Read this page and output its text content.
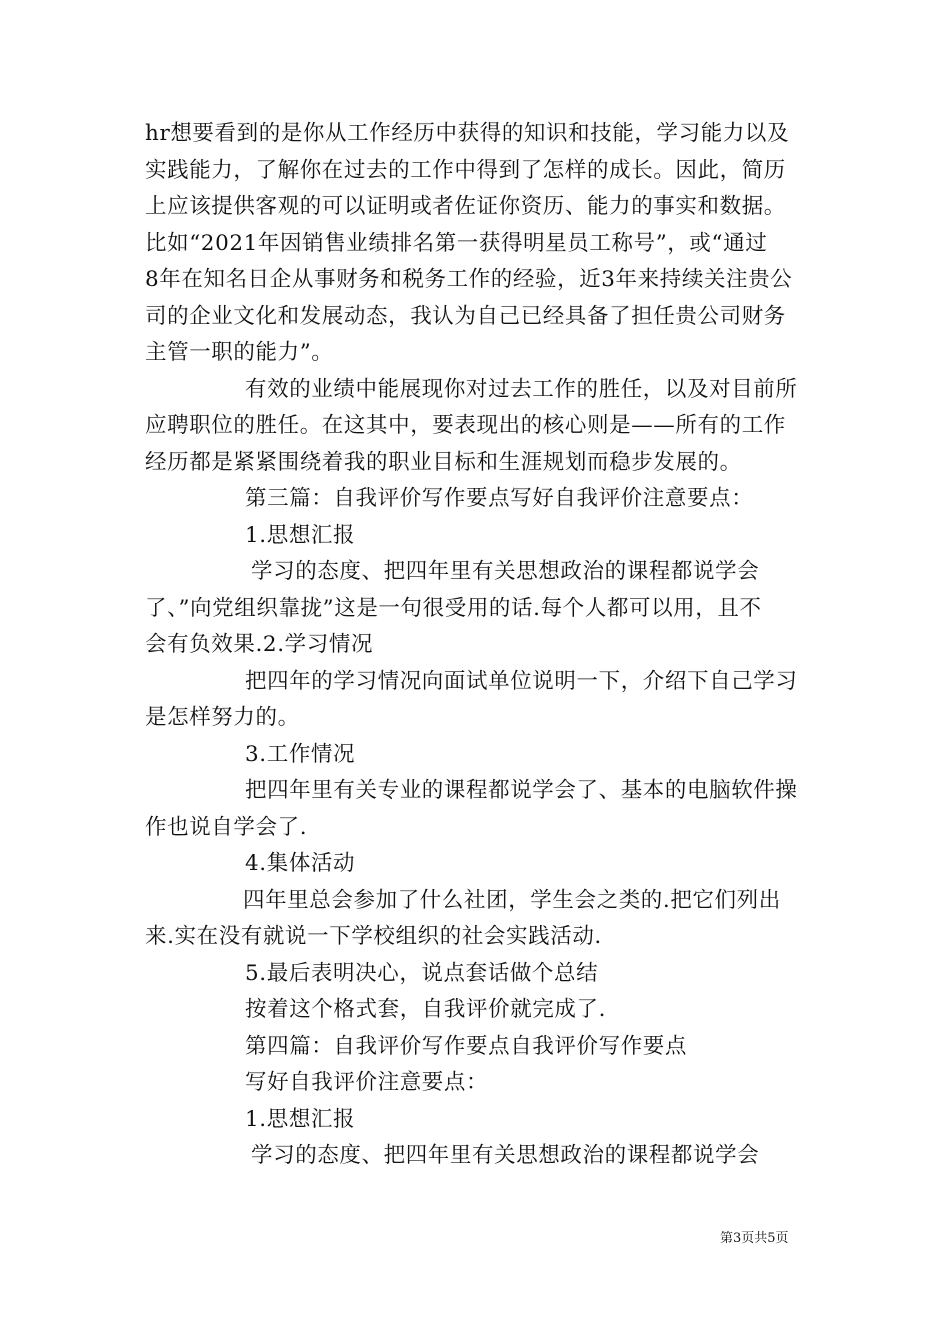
hr想要看到的是你从工作经历中获得的知识和技能，学习能力以及
实践能力，了解你在过去的工作中得到了怎样的成长。因此，简历
上应该提供客观的可以证明或者佐证你资历、能力的事实和数据。
比如“2021年因销售业绩排名第一获得明星员工称号”，或“通过
8年在知名日企从事财务和税务工作的经验，近3年来持续关注贵公
司的企业文化和发展动态，我认为自己已经具备了担任贵公司财务
主管一职的能力”。
有效的业绩中能展现你对过去工作的胜任，以及对目前所
应聘职位的胜任。在这其中，要表现出的核心则是——所有的工作
经历都是紧紧围绕着我的职业目标和生涯规划而稳步发展的。
第三篇：自我评价写作要点写好自我评价注意要点：
1.思想汇报
学习的态度、把四年里有关思想政治的课程都说学会
了、”向党组织靠拢”这是一句很受用的话.每个人都可以用，且不
会有负效果.2.学习情况
把四年的学习情况向面试单位说明一下，介绍下自己学习
是怎样努力的。
3.工作情况
把四年里有关专业的课程都说学会了、基本的电脑软件操
作也说自学会了.
4.集体活动
四年里总会参加了什么社团，学生会之类的.把它们列出
来.实在没有就说一下学校组织的社会实践活动.
5.最后表明决心，说点套话做个总结
按着这个格式套，自我评价就完成了.
第四篇：自我评价写作要点自我评价写作要点
写好自我评价注意要点：
1.思想汇报
学习的态度、把四年里有关思想政治的课程都说学会
第3页共5页
